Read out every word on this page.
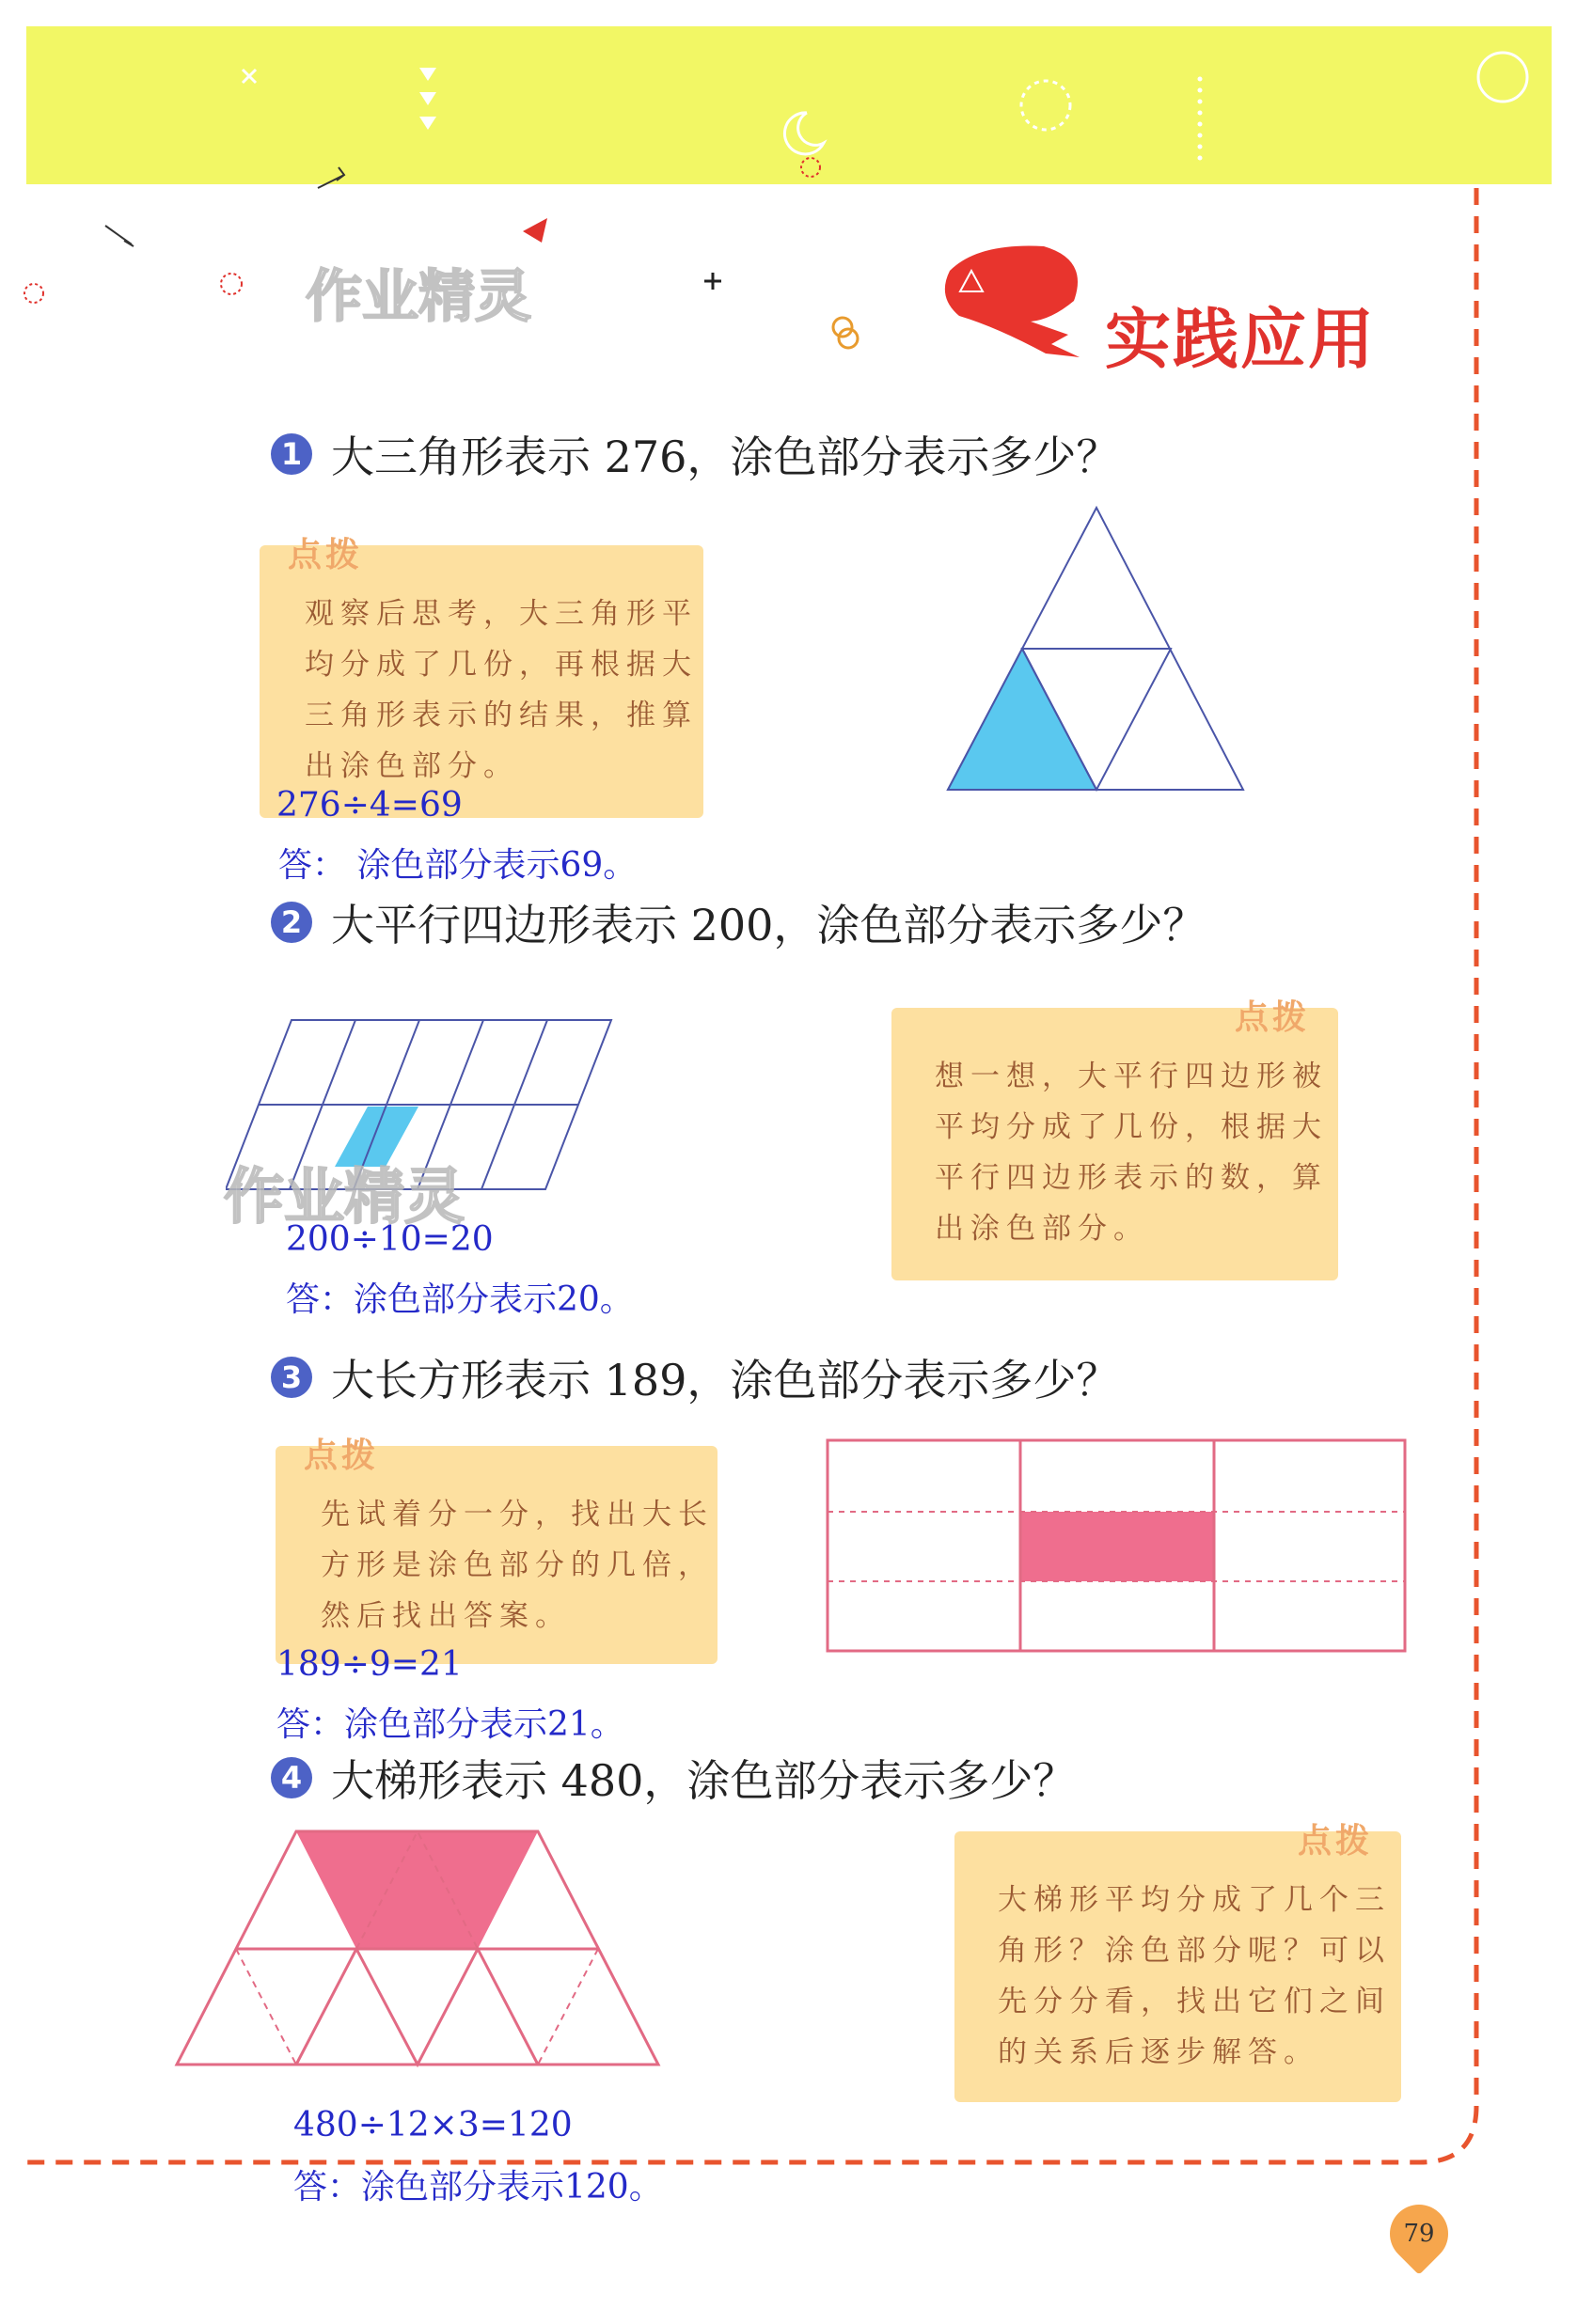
实践应用
作业精灵
1 大三角形表示 276，涂色部分表示多少？
点拨
观察后思考，大三角形平
均分成了几份，再根据大
三角形表示的结果，推算
出涂色部分。
276÷4=69
答： 涂色部分表示69。
2 大平行四边形表示 200，涂色部分表示多少？
作业精灵
点拨
想一想，大平行四边形被
平均分成了几份，根据大
平行四边形表示的数，算
出涂色部分。
200÷10=20
答：涂色部分表示20。
3 大长方形表示 189，涂色部分表示多少？
点拨
先试着分一分，找出大长
方形是涂色部分的几倍，
然后找出答案。
189÷9=21
答：涂色部分表示21。
4 大梯形表示 480，涂色部分表示多少？
点拨
大梯形平均分成了几个三
角形？涂色部分呢？可以
先分分看，找出它们之间
的关系后逐步解答。
480÷12×3=120
答：涂色部分表示120。
79
